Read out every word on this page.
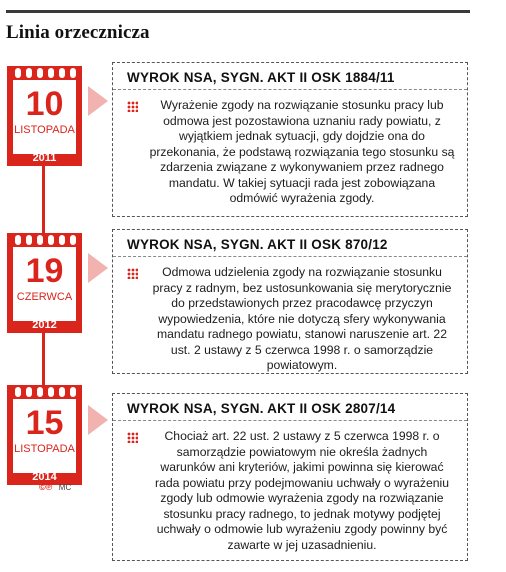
Linia orzecznicza
10
LISTOPADA
2011
WYROK NSA, SYGN. AKT II OSK 1884/11
Wyrażenie zgody na rozwiązanie stosunku pracy lub odmowa jest pozostawiona uznaniu rady powiatu, z wyjątkiem jednak sytuacji, gdy dojdzie ona do przekonania, że podstawą rozwiązania tego stosunku są zdarzenia związane z wykonywaniem przez radnego mandatu. W takiej sytuacji rada jest zobowiązana odmówić wyrażenia zgody.
19
CZERWCA
2012
WYROK NSA, SYGN. AKT II OSK 870/12
Odmowa udzielenia zgody na rozwiązanie stosunku pracy z radnym, bez ustosunkowania się merytorycznie do przedstawionych przez pracodawcę przyczyn wypowiedzenia, które nie dotyczą sfery wykonywania mandatu radnego powiatu, stanowi naruszenie art. 22 ust. 2 ustawy z 5 czerwca 1998 r. o samorządzie powiatowym.
15
LISTOPADA
2014
WYROK NSA, SYGN. AKT II OSK 2807/14
Chociaż art. 22 ust. 2 ustawy z 5 czerwca 1998 r. o samorządzie powiatowym nie określa żadnych warunków ani kryteriów, jakimi powinna się kierować rada powiatu przy podejmowaniu uchwały o wyrażeniu zgody lub odmowie wyrażenia zgody na rozwiązanie stosunku pracy radnego, to jednak motywy podjętej uchwały o odmowie lub wyrażeniu zgody powinny być zawarte w jej uzasadnieniu.
©℗ MC
